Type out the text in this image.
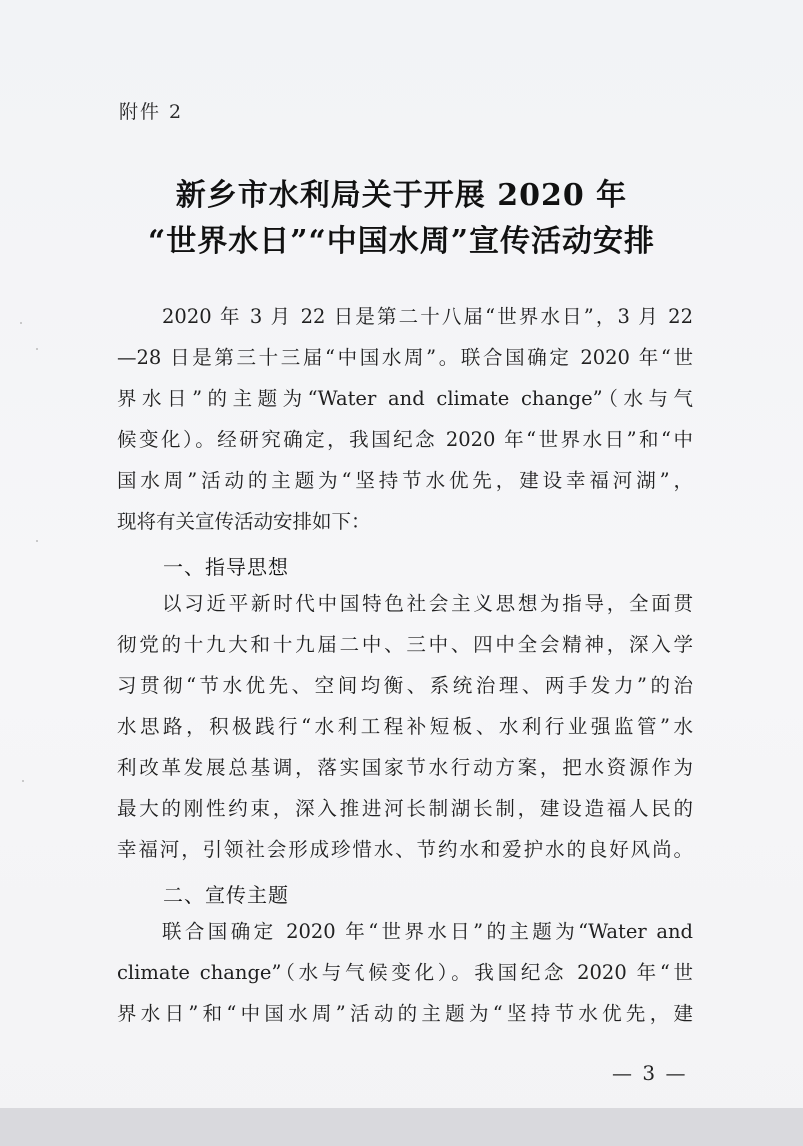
附件 2
新乡市水利局关于开展 2020 年
“世界水日”“中国水周”宣传活动安排
2020 年 3 月 22 日是第二十八届“世界水日”，3 月 22
—28 日是第三十三届“中国水周”。联合国确定 2020 年“世
界水日”的主题为“Water and climate change”（水与气
候变化）。经研究确定，我国纪念 2020 年“世界水日”和“中
国水周”活动的主题为“坚持节水优先，建设幸福河湖”，
现将有关宣传活动安排如下：
一、指导思想
以习近平新时代中国特色社会主义思想为指导，全面贯
彻党的十九大和十九届二中、三中、四中全会精神，深入学
习贯彻“节水优先、空间均衡、系统治理、两手发力”的治
水思路，积极践行“水利工程补短板、水利行业强监管”水
利改革发展总基调，落实国家节水行动方案，把水资源作为
最大的刚性约束，深入推进河长制湖长制，建设造福人民的
幸福河，引领社会形成珍惜水、节约水和爱护水的良好风尚。
二、宣传主题
联合国确定 2020 年“世界水日”的主题为“Water and
climate change”（水与气候变化）。我国纪念 2020 年“世
界水日”和“中国水周”活动的主题为“坚持节水优先，建
— 3 —
